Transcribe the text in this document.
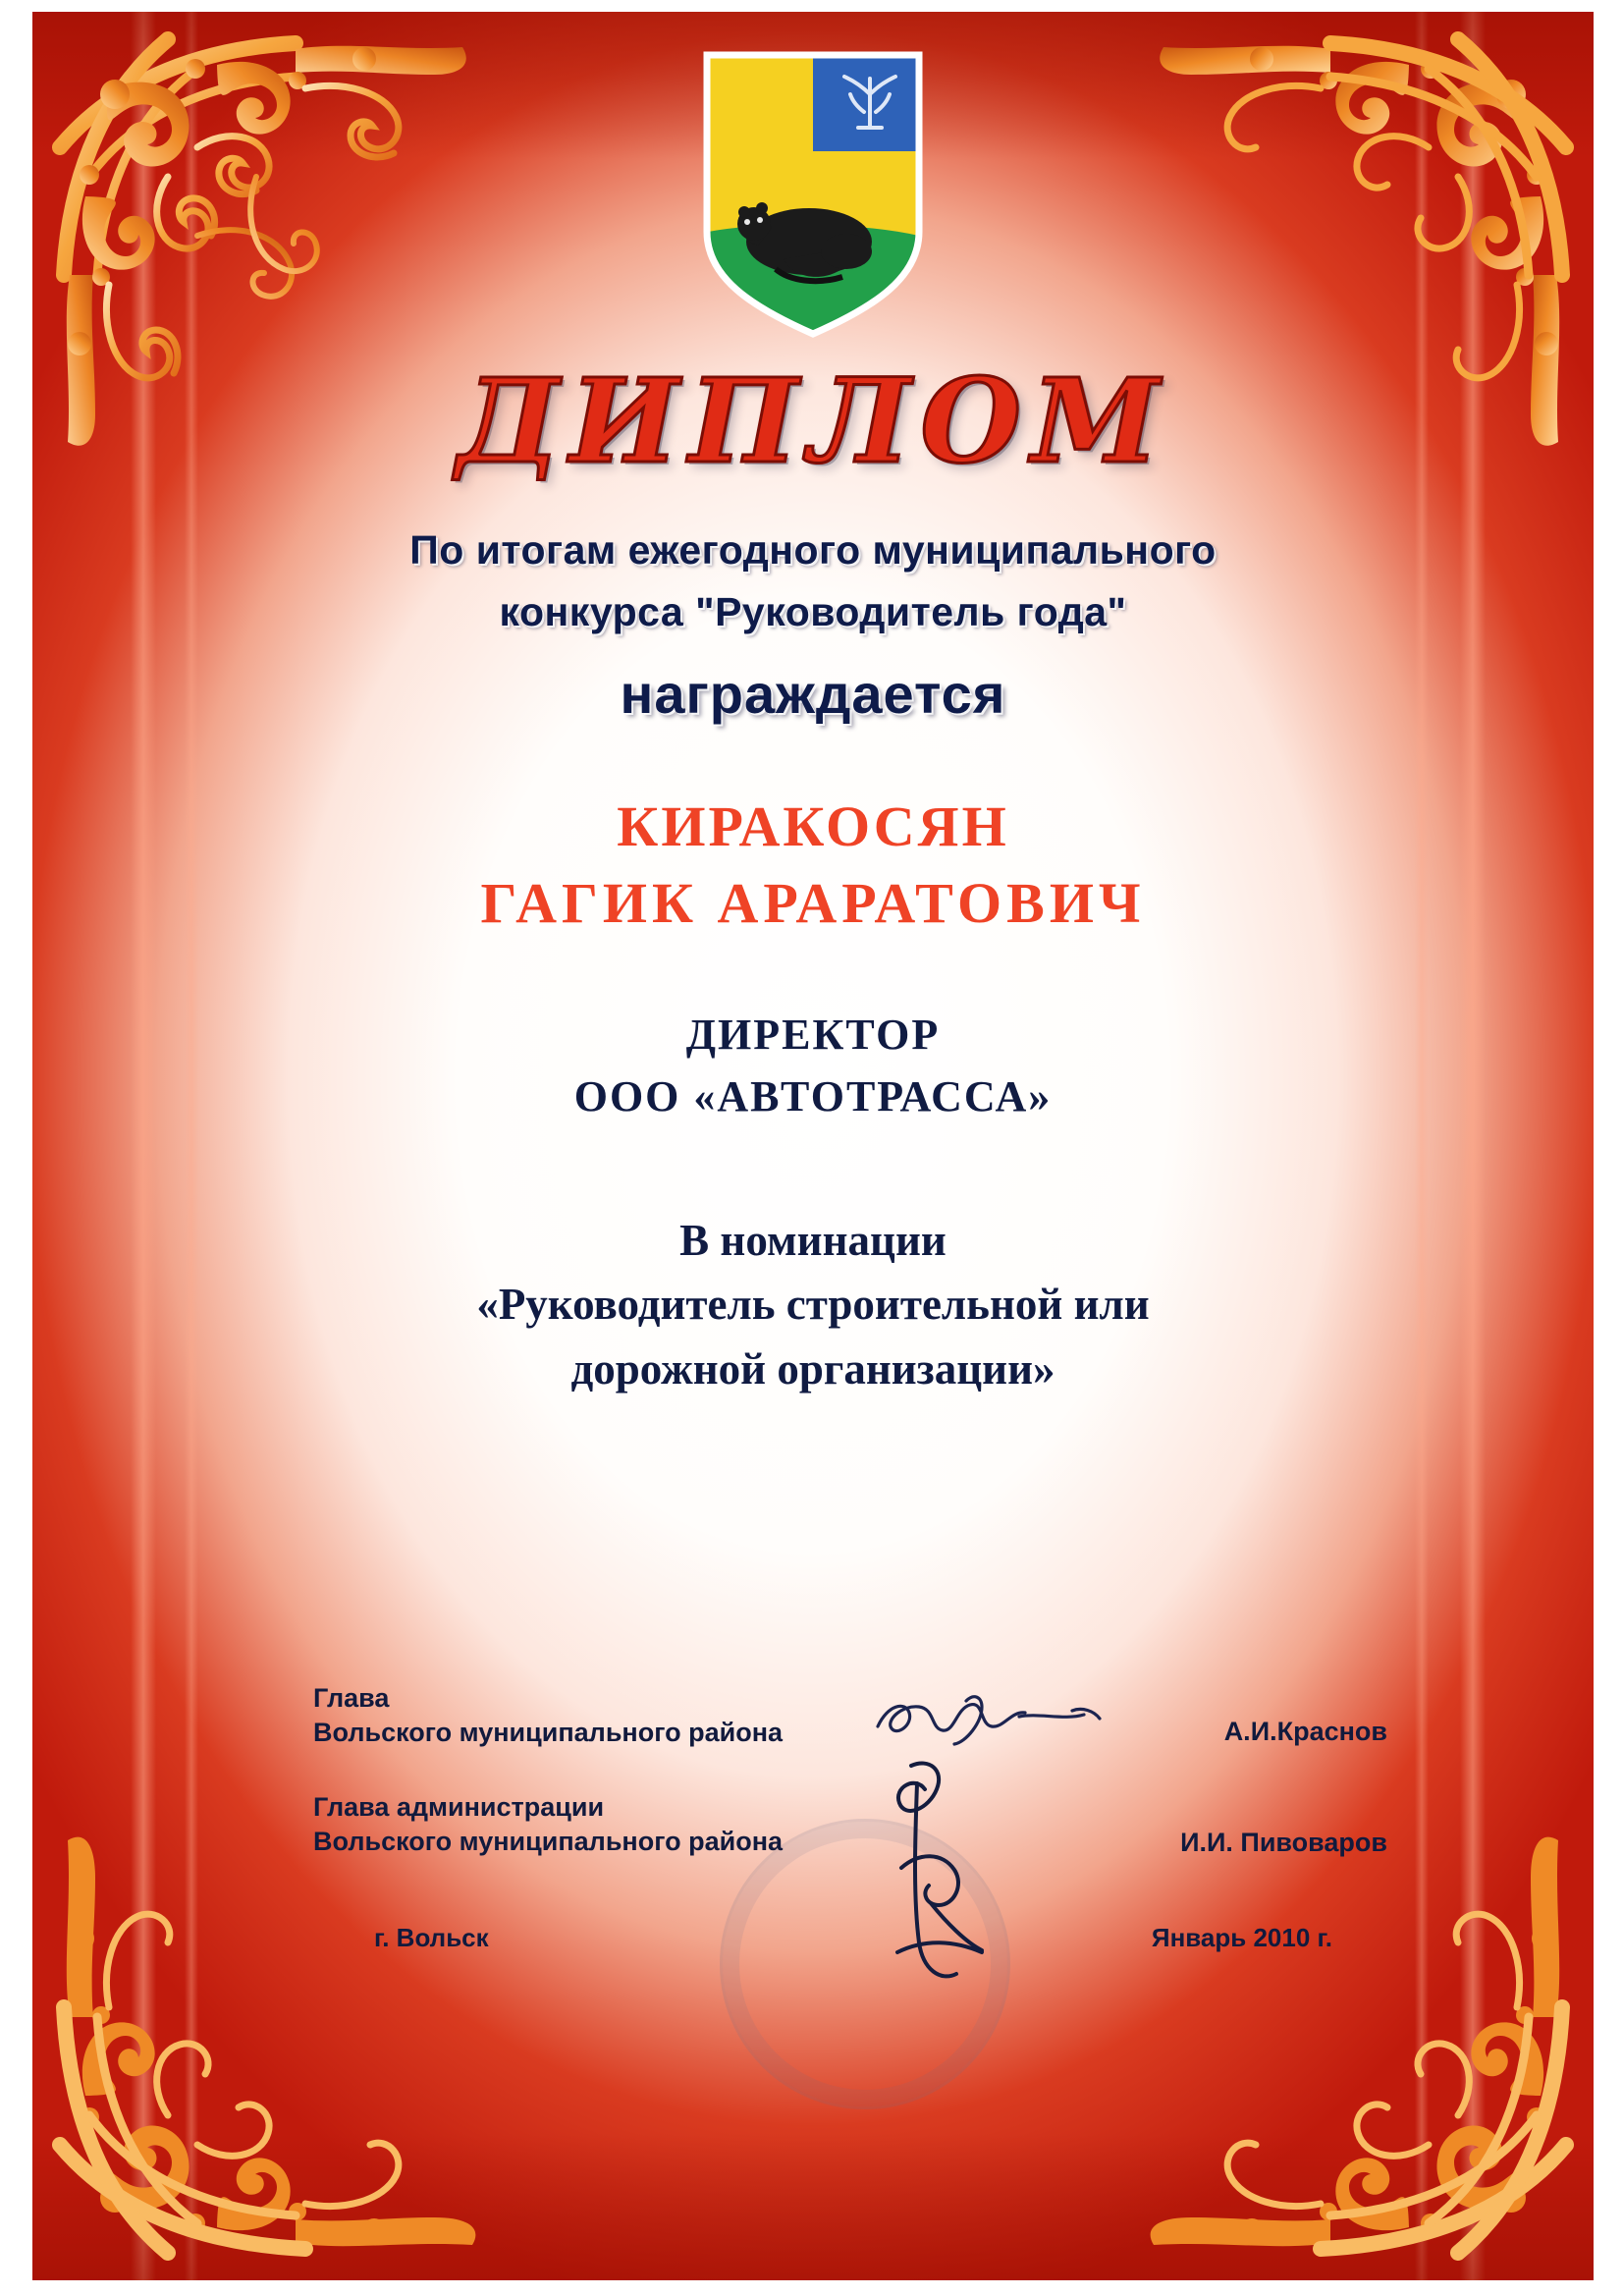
ДИПЛОМ

По итогам ежегодного муниципального

конкурса "Руководитель года"

награждается

КИРАКОСЯН
ГАГИК АРАРАТОВИЧ
ДИРЕКТОР
ООО «АВТОТРАССА»
В номинации
«Руководитель строительной или
дорожной организации»
Глава
Вольского муниципального района	А.И.Краснов
Глава администрации
Вольского муниципального района	И.И. Пивоваров
г. Вольск	Январь 2010 г.
